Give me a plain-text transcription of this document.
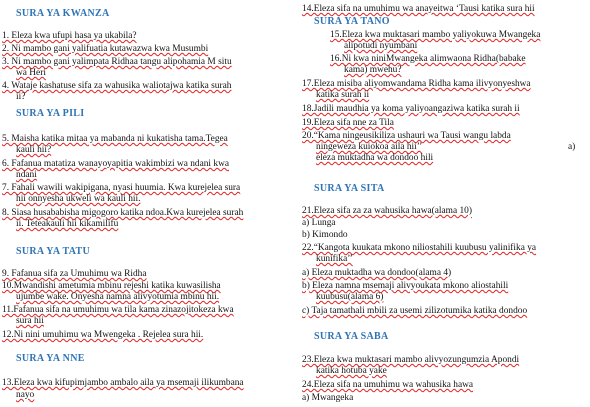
SURA YA KWANZA
1. Eleza kwa ufupi hasa ya ukabila?
2. Ni mambo gani yalifuatia kutawazwa kwa Musumbi
3. Ni mambo gani yalimpata Ridhaa tangu alipohamia M situ
wa Heri
4. Wataje kashatuse sifa za wahusika waliotajwa katika surah
ii?
SURA YA PILI
5. Maisha katika mitaa ya mabanda ni kukatisha tama.Tegea
kauli hii?
6. Fafanua matatiza wanayoyapitia wakimbizi wa ndani kwa
ndani
7. Fahali wawili wakipigana, nyasi huumia. Kwa kurejelea sura
hii onnyesha ukweli wa kauli hii.
8. Siasa husababisha migogoro katika ndoa.Kwa kurejelea surah
ii. Teteakauli hii kikamilifu
SURA YA TATU
9. Fafanua sifa za Umuhimu wa Ridha
10.Mwandishi ametumia mbinu rejeshi katika kuwasilisha
ujumbe wake. Onyesha namna alivyotumia mbinu hii.
11.Fafanua sifa na umuhimu wa tila kama zinazojitokeza kwa
sura hii
12.Ni nini umuhimu wa Mwengeka . Rejelea sura hii.
SURA YA NNE
13.Eleza kwa kifupimjambo ambalo aila ya msemaji ilikumbana
nayo
14.Eleza sifa na umuhimu wa anayeitwa ‘Tausi katika sura hii
SURA YA TANO
15.Eleza kwa muktasari mambo yaliyokuwa Mwangeka
alipotudi nyumbani
16.Ni kwa niniMwangeka alimwaona Ridha(babake
kama) mwehu?
17.Eleza misiba aliyomwandama Ridha kama ilivyonyeshwa
katika surah ii
18.Jadili maudhia ya koma yaliyoangaziwa katika surah ii
19.Eleza sifa nne za Tila
20.“Kama ningeusikiliza ushauri wa Tausi wangu labda
ningeweza kuiokoa aila hii’’	a)
eleza muktadha wa dondoo hili
SURA YA SITA
21.Eleza sifa za za wahusika hawa(alama 10)
a) Lunga
b) Kimondo
22.“Kangota kuukata mkono niliostahili kuubusu yalinifika ya
kunifika’’
a) Eleza muktadha wa dondoo(alama 4)
b) Eleza namna msemaji alivyoukata mkono aliostahili
kuubusu(alama 6)
c) Taja tamathali mbili za usemi zilizotumika katika dondoo
SURA YA SABA
23.Eleza kwa muktasari mambo alivyozungumzia Apondi
katika hotuba yake
24.Eleza sifa na umuhimu wa wahusika hawa
a) Mwangeka
